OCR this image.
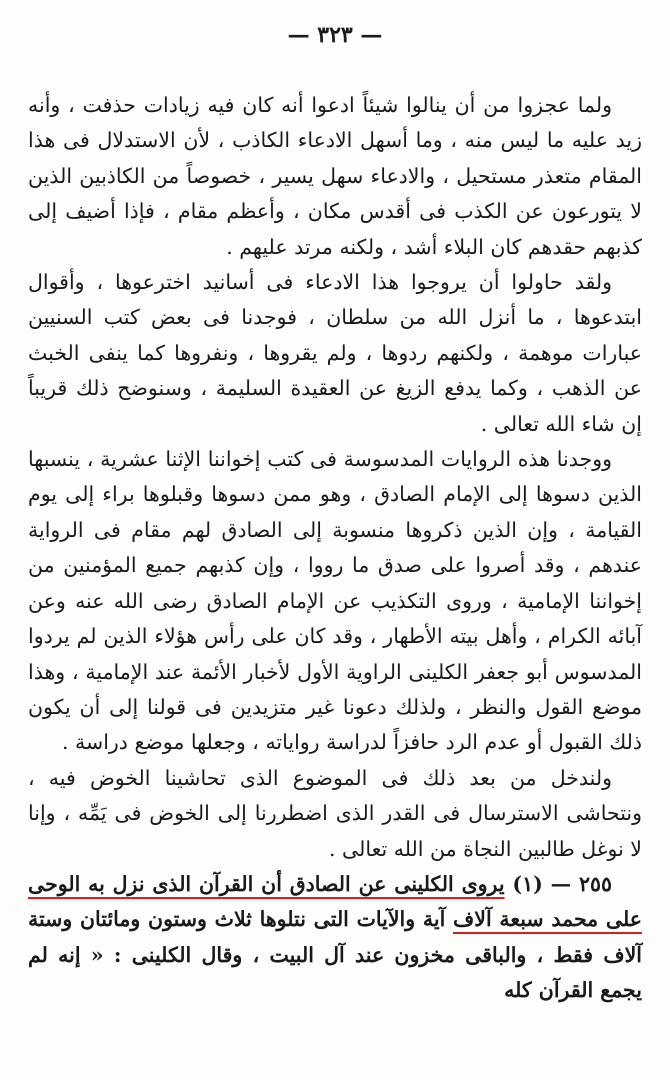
— ٣٢٣ —

ولما عجزوا من أن ينالوا شيئاً ادعوا أنه كان فيه زيادات حذفت ، وأنه زيد عليه ما ليس منه ، وما أسهل الادعاء الكاذب ، لأن الاستدلال فى هذا المقام متعذر مستحيل ، والادعاء سهل يسير ، خصوصاً من الكاذبين الذين لا يتورعون عن الكذب فى أقدس مكان ، وأعظم مقام ، فإذا أضيف إلى كذبهم حقدهم كان البلاء أشد ، ولكنه مرتد عليهم .

ولقد حاولوا أن يروجوا هذا الادعاء فى أسانيد اخترعوها ، وأقوال ابتدعوها ، ما أنزل الله من سلطان ، فوجدنا فى بعض كتب السنيين عبارات موهمة ، ولكنهم ردوها ، ولم يقروها ، ونفروها كما ينفى الخبث عن الذهب ، وكما يدفع الزيغ عن العقيدة السليمة ، وسنوضح ذلك قريباً إن شاء الله تعالى .

ووجدنا هذه الروايات المدسوسة فى كتب إخواننا الإثنا عشرية ، ينسبها الذين دسوها إلى الإمام الصادق ، وهو ممن دسوها وقبلوها براء إلى يوم القيامة ، وإن الذين ذكروها منسوبة إلى الصادق لهم مقام فى الرواية عندهم ، وقد أصروا على صدق ما رووا ، وإن كذبهم جميع المؤمنين من إخواننا الإمامية ، وروى التكذيب عن الإمام الصادق رضى الله عنه وعن آبائه الكرام ، وأهل بيته الأطهار ، وقد كان على رأس هؤلاء الذين لم يردوا المدسوس أبو جعفر الكلينى الراوية الأول لأخبار الأئمة عند الإمامية ، وهذا موضع القول والنظر ، ولذلك دعونا غير متزيدين فى قولنا إلى أن يكون ذلك القبول أو عدم الرد حافزاً لدراسة رواياته ، وجعلها موضع دراسة .

ولندخل من بعد ذلك فى الموضوع الذى تحاشينا الخوض فيه ، ونتحاشى الاسترسال فى القدر الذى اضطررنا إلى الخوض فى يَمِّه ، وإنا لا نوغل طالبين النجاة من الله تعالى .

٢٥٥ — (١) يروى الكلينى عن الصادق أن القرآن الذى نزل به الوحى على محمد سبعة آلاف آية والآيات التى نتلوها ثلاث وستون ومائتان وستة آلاف فقط ، والباقى مخزون عند آل البيت ، وقال الكلينى : « إنه لم يجمع القرآن كله
